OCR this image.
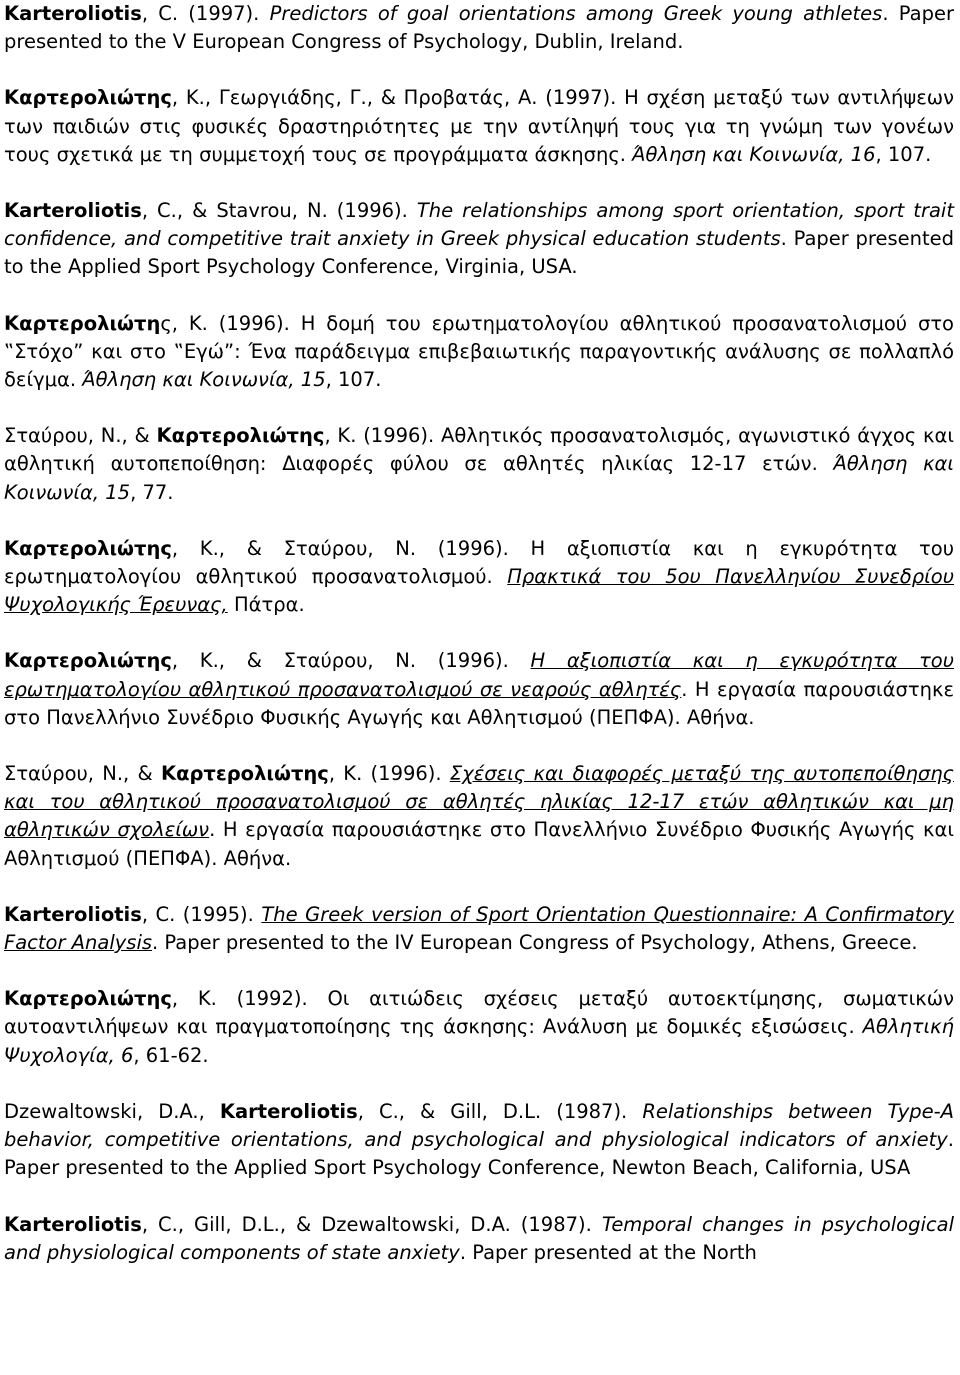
Karteroliotis, C. (1997). Predictors of goal orientations among Greek young athletes. Paper presented to the V European Congress of Psychology, Dublin, Ireland.

Καρτερολιώτης, Κ., Γεωργιάδης, Γ., & Προβατάς, Α. (1997). Η σχέση μεταξύ των αντιλήψεων των παιδιών στις φυσικές δραστηριότητες με την αντίληψή τους για τη γνώμη των γονέων τους σχετικά με τη συμμετοχή τους σε προγράμματα άσκησης. Άθληση και Κοινωνία, 16, 107.

Karteroliotis, C., & Stavrou, N. (1996). The relationships among sport orientation, sport trait confidence, and competitive trait anxiety in Greek physical education students. Paper presented to the Applied Sport Psychology Conference, Virginia, USA.

Καρτερολιώτης, Κ. (1996). Η δομή του ερωτηματολογίου αθλητικού προσανατολισμού στο ‟Στόχο” και στο ‟Εγώ”: Ένα παράδειγμα επιβεβαιωτικής παραγοντικής ανάλυσης σε πολλαπλό δείγμα. Άθληση και Κοινωνία, 15, 107.

Σταύρου, Ν., & Καρτερολιώτης, Κ. (1996). Αθλητικός προσανατολισμός, αγωνιστικό άγχος και αθλητική αυτοπεποίθηση: Διαφορές φύλου σε αθλητές ηλικίας 12-17 ετών. Άθληση και Κοινωνία, 15, 77.

Καρτερολιώτης, Κ., & Σταύρου, Ν. (1996). Η αξιοπιστία και η εγκυρότητα του ερωτηματολογίου αθλητικού προσανατολισμού. Πρακτικά του 5ου Πανελληνίου Συνεδρίου Ψυχολογικής Έρευνας, Πάτρα.

Καρτερολιώτης, Κ., & Σταύρου, Ν. (1996). Η αξιοπιστία και η εγκυρότητα του ερωτηματολογίου αθλητικού προσανατολισμού σε νεαρούς αθλητές. Η εργασία παρουσιάστηκε στο Πανελλήνιο Συνέδριο Φυσικής Αγωγής και Αθλητισμού (ΠΕΠΦΑ). Αθήνα.

Σταύρου, Ν., & Καρτερολιώτης, Κ. (1996). Σχέσεις και διαφορές μεταξύ της αυτοπεποίθησης και του αθλητικού προσανατολισμού σε αθλητές ηλικίας 12-17 ετών αθλητικών και μη αθλητικών σχολείων. Η εργασία παρουσιάστηκε στο Πανελλήνιο Συνέδριο Φυσικής Αγωγής και Αθλητισμού (ΠΕΠΦΑ). Αθήνα.

Karteroliotis, C. (1995). The Greek version of Sport Orientation Questionnaire: A Confirmatory Factor Analysis. Paper presented to the IV European Congress of Psychology, Athens, Greece.

Καρτερολιώτης, Κ. (1992). Οι αιτιώδεις σχέσεις μεταξύ αυτοεκτίμησης, σωματικών αυτοαντιλήψεων και πραγματοποίησης της άσκησης: Ανάλυση με δομικές εξισώσεις. Αθλητική Ψυχολογία, 6, 61-62.

Dzewaltowski, D.A., Karteroliotis, C., & Gill, D.L. (1987). Relationships between Type-A behavior, competitive orientations, and psychological and physiological indicators of anxiety. Paper presented to the Applied Sport Psychology Conference, Newton Beach, California, USA

Karteroliotis, C., Gill, D.L., & Dzewaltowski, D.A. (1987). Temporal changes in psychological and physiological components of state anxiety. Paper presented at the North
